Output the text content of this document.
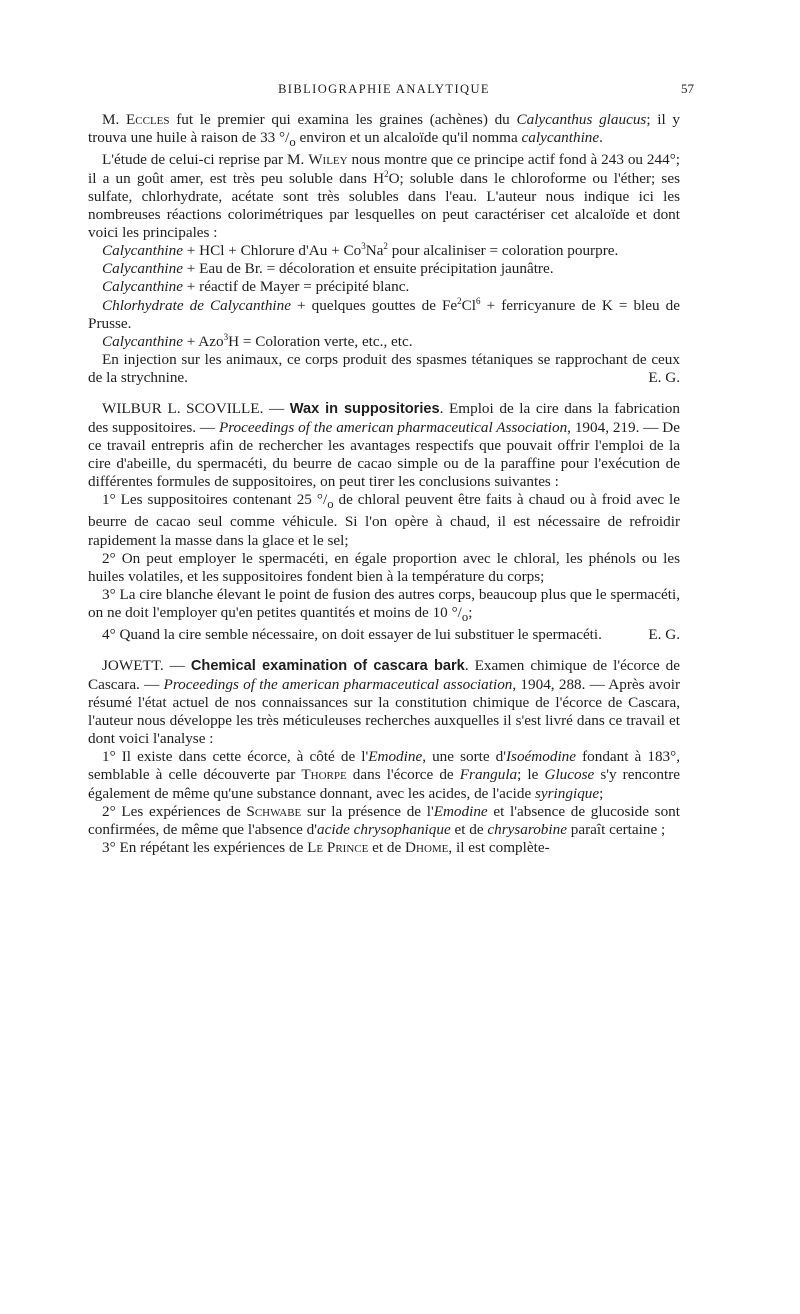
BIBLIOGRAPHIE ANALYTIQUE	57

M. Eccles fut le premier qui examina les graines (achènes) du Calycanthus glaucus; il y trouva une huile à raison de 33 $^\circ/_o$ environ et un alcaloïde qu'il nomma calycanthine.

L'étude de celui-ci reprise par M. Wiley nous montre que ce principe actif fond à 243 ou 244°; il a un goût amer, est très peu soluble dans $H^2O$; soluble dans le chloroforme ou l'éther; ses sulfate, chlorhydrate, acétate sont très solubles dans l'eau. L'auteur nous indique ici les nombreuses réactions colorimétriques par lesquelles on peut caractériser cet alcaloïde et dont voici les principales :

Calycanthine + HCl + Chlorure $d'Au + Co^3Na^2$ pour alcaliniser = coloration pourpre.

Calycanthine + Eau de Br. = décoloration et ensuite précipitation jaunâtre.

Calycanthine + réactif de Mayer = précipité blanc.

Chlorhydrate de Calycanthine + quelques gouttes de $Fe^2Cl^6$ + ferricyanure de K = bleu de Prusse.

Calycanthine + Azo$^3$H = Coloration verte, etc., etc.

En injection sur les animaux, ce corps produit des spasmes tétaniques se rapprochant de ceux de la strychnine.	E. G.

WILBUR L. SCOVILLE. — Wax in suppositories. Emploi de la cire dans la fabrication des suppositoires. — Proceedings of the american pharmaceutical Association, 1904, 219. — De ce travail entrepris afin de rechercher les avantages respectifs que pouvait offrir l'emploi de la cire d'abeille, du spermacéti, du beurre de cacao simple ou de la paraffine pour l'exécution de différentes formules de suppositoires, on peut tirer les conclusions suivantes :

1° Les suppositoires contenant 25 $^\circ/_o$ de chloral peuvent être faits à chaud ou à froid avec le beurre de cacao seul comme véhicule. Si l'on opère à chaud, il est nécessaire de refroidir rapidement la masse dans la glace et le sel;

2° On peut employer le spermacéti, en égale proportion avec le chloral, les phénols ou les huiles volatiles, et les suppositoires fondent bien à la température du corps;

3° La cire blanche élevant le point de fusion des autres corps, beaucoup plus que le spermacéti, on ne doit l'employer qu'en petites quantités et moins de 10 $^\circ/_o$;

4° Quand la cire semble nécessaire, on doit essayer de lui substituer le spermacéti.	E. G.

JOWETT. — Chemical examination of cascara bark. Examen chimique de l'écorce de Cascara. — Proceedings of the american pharmaceutical association, 1904, 288. — Après avoir résumé l'état actuel de nos connaissances sur la constitution chimique de l'écorce de Cascara, l'auteur nous développe les très méticuleuses recherches auxquelles il s'est livré dans ce travail et dont voici l'analyse :

1° Il existe dans cette écorce, à côté de l'Emodine, une sorte d'Isoémodine fondant à 183°, semblable à celle découverte par Thorpe dans l'écorce de Frangula; le Glucose s'y rencontre également de même qu'une substance donnant, avec les acides, de l'acide syringique;

2° Les expériences de Schwabe sur la présence de l'Emodine et l'absence de glucoside sont confirmées, de même que l'absence d'acide chrysophanique et de chrysarobine paraît certaine ;

3° En répétant les expériences de Le Prince et de Dhome, il est complète-
